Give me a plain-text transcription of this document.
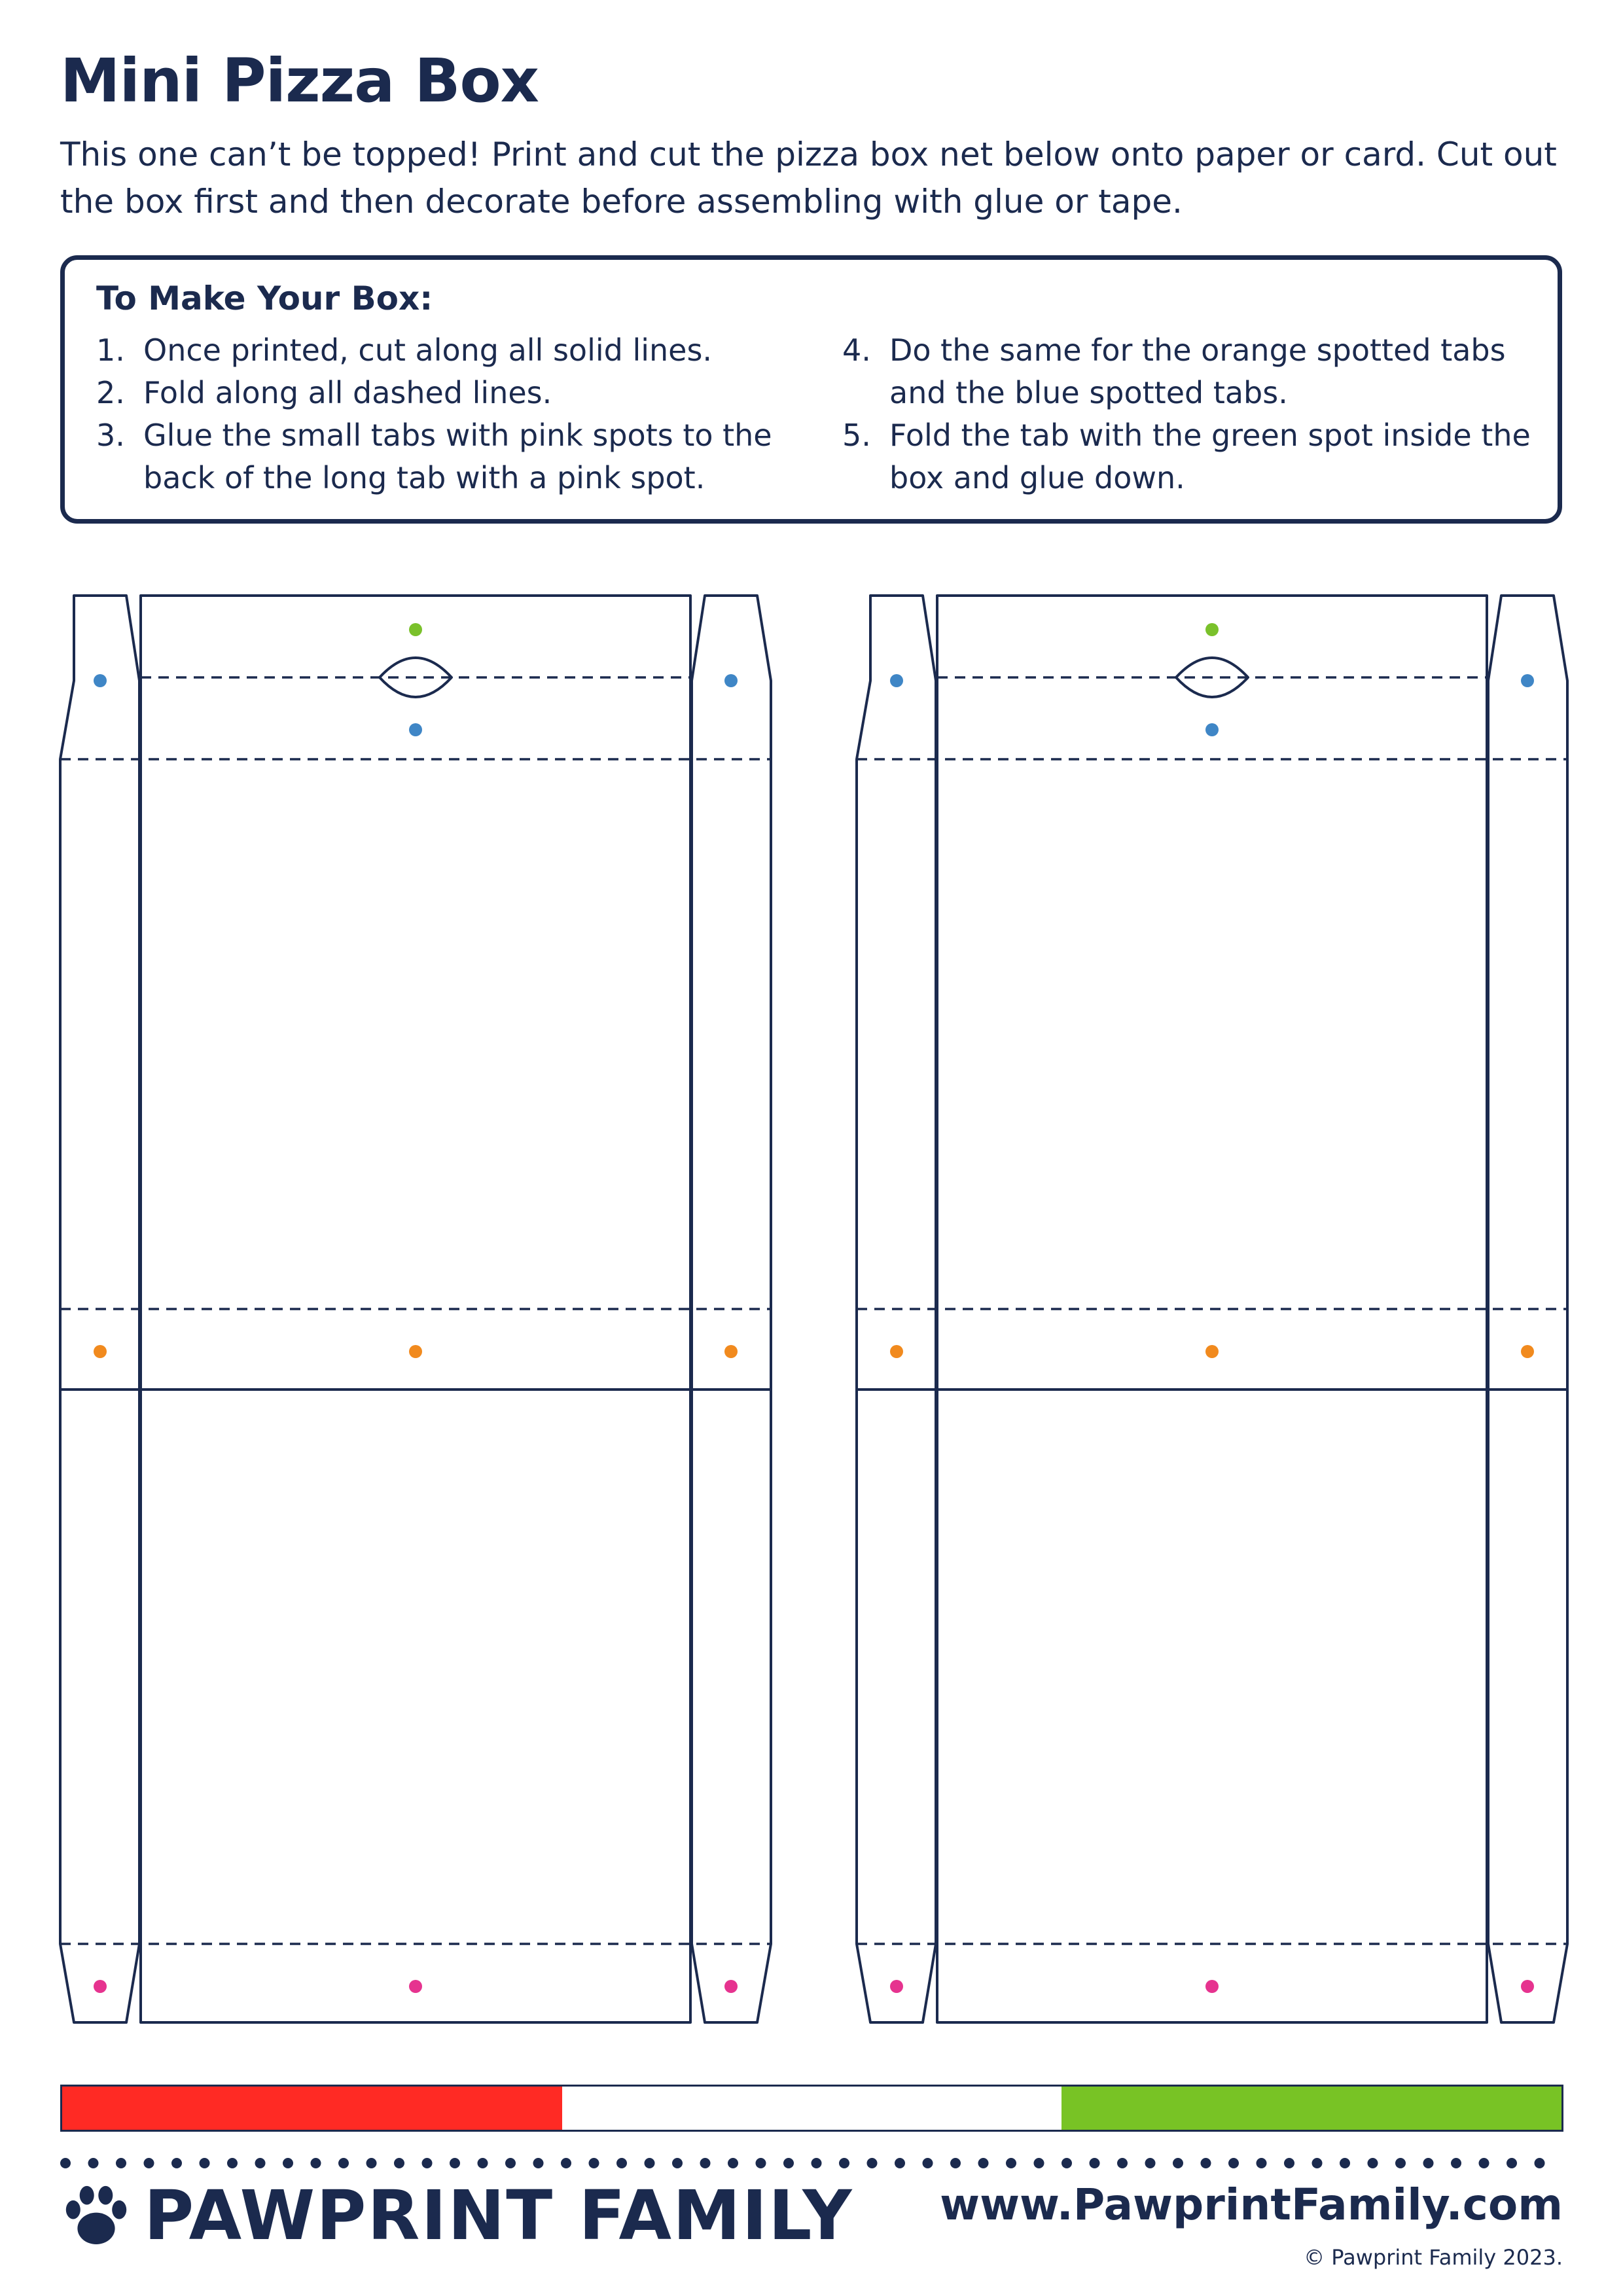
Mini Pizza Box

This one can’t be topped! Print and cut the pizza box net below onto paper or card. Cut out the box first and then decorate before assembling with glue or tape.

To Make Your Box:
1. Once printed, cut along all solid lines.
2. Fold along all dashed lines.
3. Glue the small tabs with pink spots to the back of the long tab with a pink spot.
4. Do the same for the orange spotted tabs and the blue spotted tabs.
5. Fold the tab with the green spot inside the box and glue down.
PAWPRINT FAMILY www.PawprintFamily.com

© Pawprint Family 2023.
